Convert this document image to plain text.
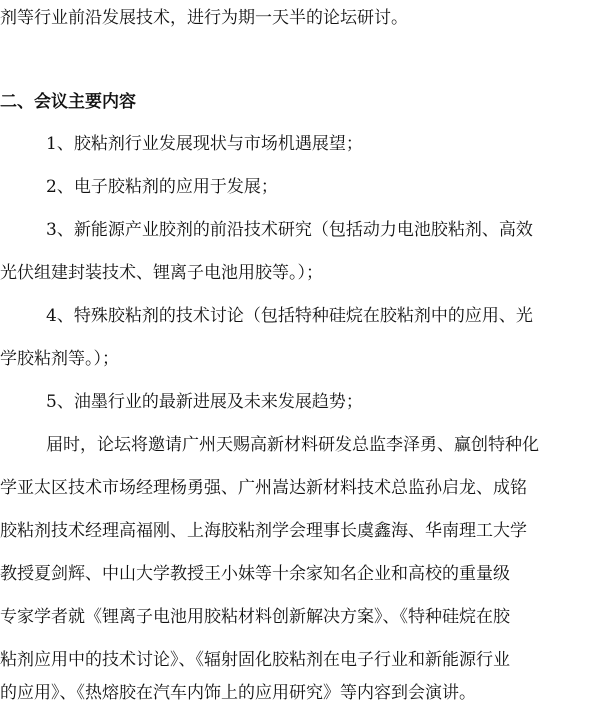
剂等行业前沿发展技术，进行为期一天半的论坛研讨。
二、会议主要内容
1、胶粘剂行业发展现状与市场机遇展望；
2、电子胶粘剂的应用于发展；
3、新能源产业胶剂的前沿技术研究（包括动力电池胶粘剂、高效
光伏组建封装技术、锂离子电池用胶等。）；
4、特殊胶粘剂的技术讨论（包括特种硅烷在胶粘剂中的应用、光
学胶粘剂等。）；
5、油墨行业的最新进展及未来发展趋势；
届时，论坛将邀请广州天赐高新材料研发总监李泽勇、赢创特种化
学亚太区技术市场经理杨勇强、广州嵩达新材料技术总监孙启龙、成铭
胶粘剂技术经理高福刚、上海胶粘剂学会理事长虞鑫海、华南理工大学
教授夏剑辉、中山大学教授王小妹等十余家知名企业和高校的重量级
专家学者就《锂离子电池用胶粘材料创新解决方案》、《特种硅烷在胶
粘剂应用中的技术讨论》、《辐射固化胶粘剂在电子行业和新能源行业
的应用》、《热熔胶在汽车内饰上的应用研究》等内容到会演讲。
